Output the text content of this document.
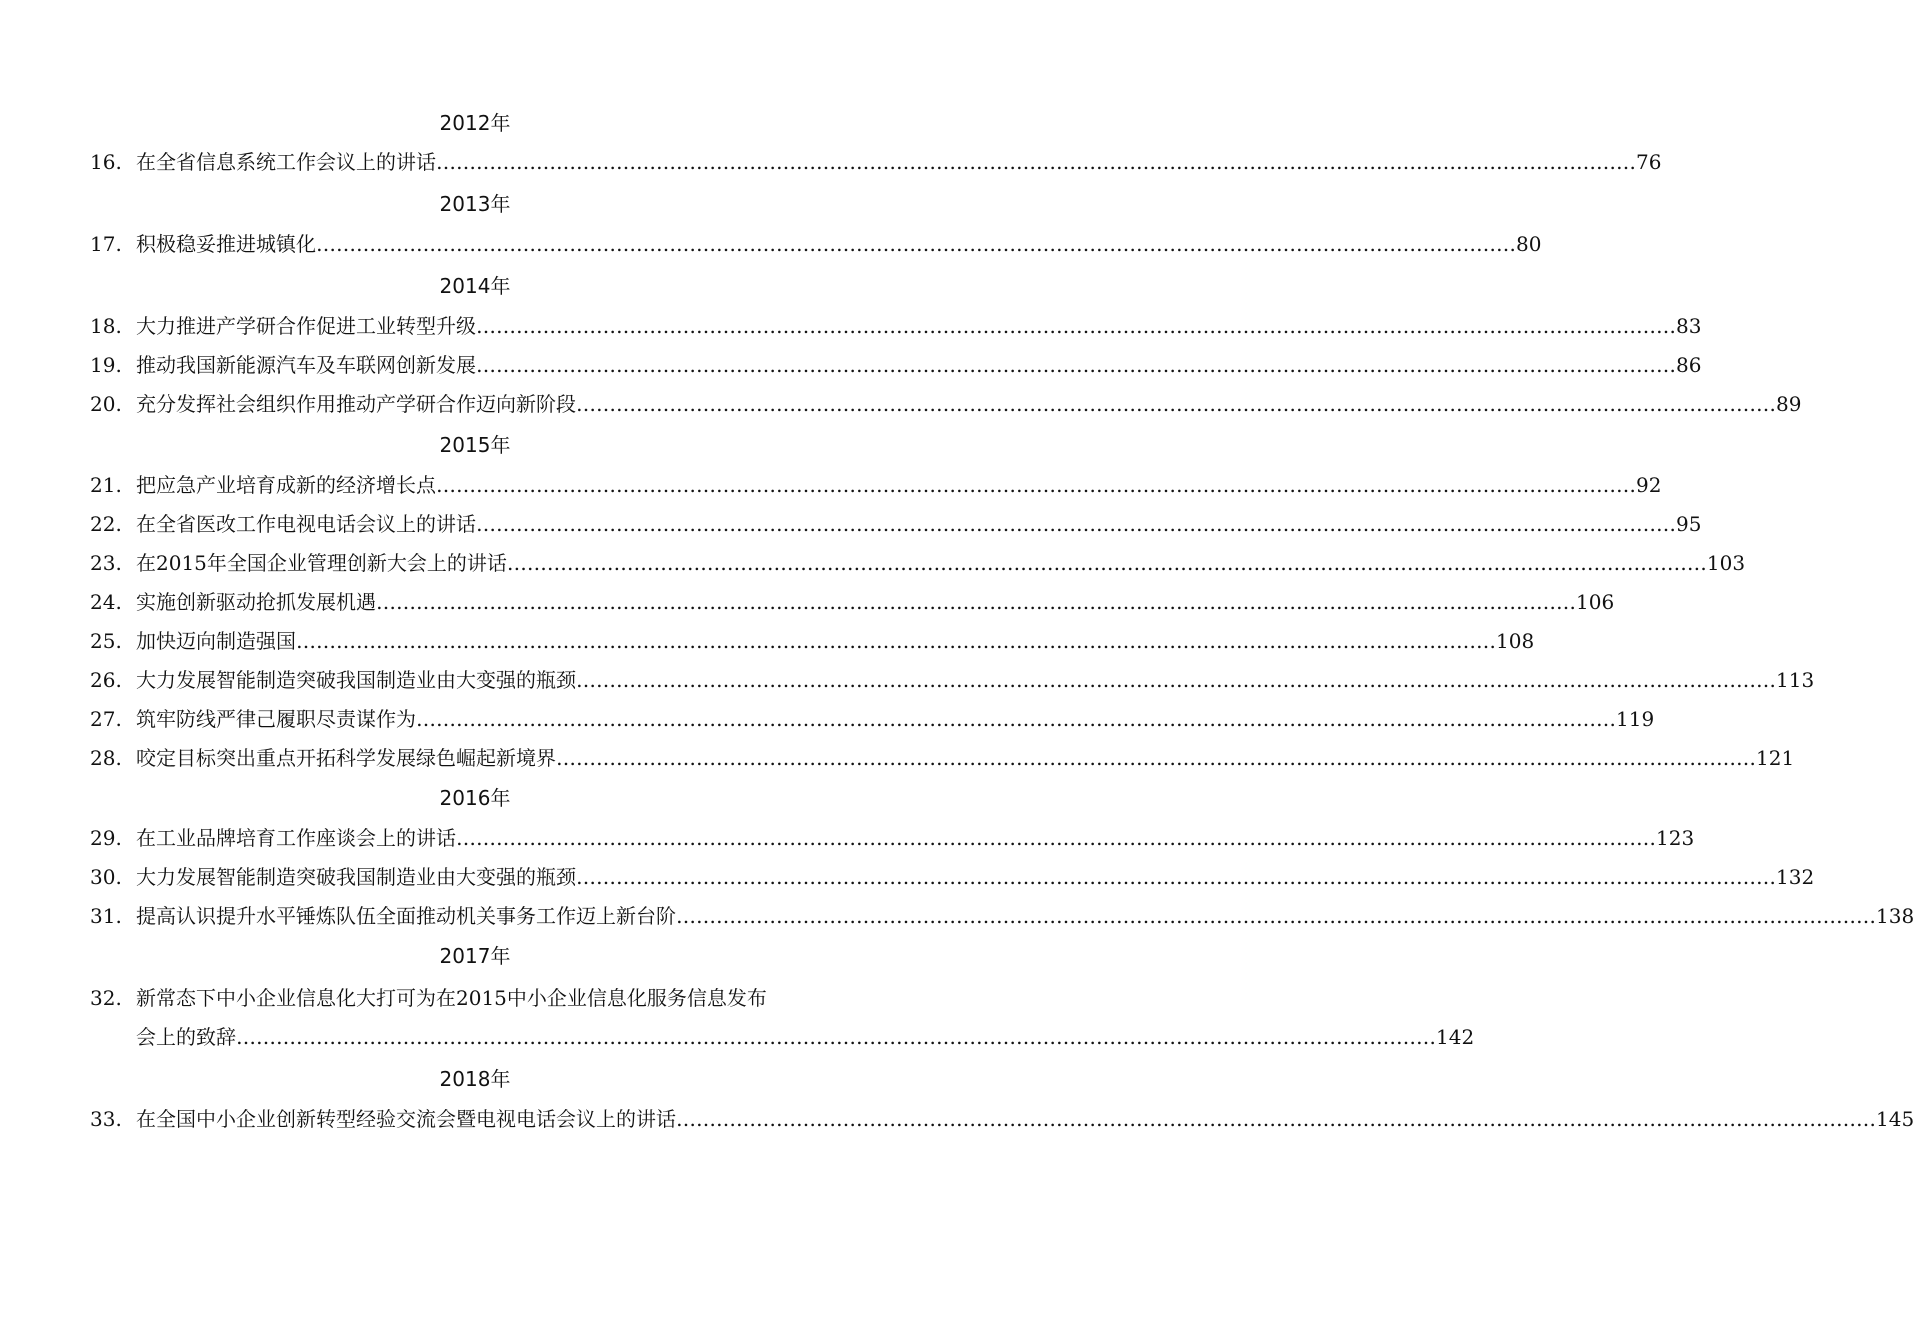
2012年
16. 在全省信息系统工作会议上的讲话 ……………………………………………………………………………………………………………………………………………………………… 76
2013年
17. 积极稳妥推进城镇化 ……………………………………………………………………………………………………………………………………………………………… 80
2014年
18. 大力推进产学研合作促进工业转型升级 ……………………………………………………………………………………………………………………………………………………………… 83
19. 推动我国新能源汽车及车联网创新发展 ……………………………………………………………………………………………………………………………………………………………… 86
20. 充分发挥社会组织作用推动产学研合作迈向新阶段 ……………………………………………………………………………………………………………………………………………………………… 89
2015年
21. 把应急产业培育成新的经济增长点 ……………………………………………………………………………………………………………………………………………………………… 92
22. 在全省医改工作电视电话会议上的讲话 ……………………………………………………………………………………………………………………………………………………………… 95
23. 在2015年全国企业管理创新大会上的讲话 ……………………………………………………………………………………………………………………………………………………………… 103
24. 实施创新驱动抢抓发展机遇 ……………………………………………………………………………………………………………………………………………………………… 106
25. 加快迈向制造强国 ……………………………………………………………………………………………………………………………………………………………… 108
26. 大力发展智能制造突破我国制造业由大变强的瓶颈 ……………………………………………………………………………………………………………………………………………………………… 113
27. 筑牢防线严律己履职尽责谋作为 ……………………………………………………………………………………………………………………………………………………………… 119
28. 咬定目标突出重点开拓科学发展绿色崛起新境界 ……………………………………………………………………………………………………………………………………………………………… 121
2016年
29. 在工业品牌培育工作座谈会上的讲话 ……………………………………………………………………………………………………………………………………………………………… 123
30. 大力发展智能制造突破我国制造业由大变强的瓶颈 ……………………………………………………………………………………………………………………………………………………………… 132
31. 提高认识提升水平锤炼队伍全面推动机关事务工作迈上新台阶 ……………………………………………………………………………………………………………………………………………………………… 138
2017年
32. 新常态下中小企业信息化大打可为在2015中小企业信息化服务信息发布
会上的致辞 ……………………………………………………………………………………………………………………………………………………………… 142
2018年
33. 在全国中小企业创新转型经验交流会暨电视电话会议上的讲话 ……………………………………………………………………………………………………………………………………………………………… 145
